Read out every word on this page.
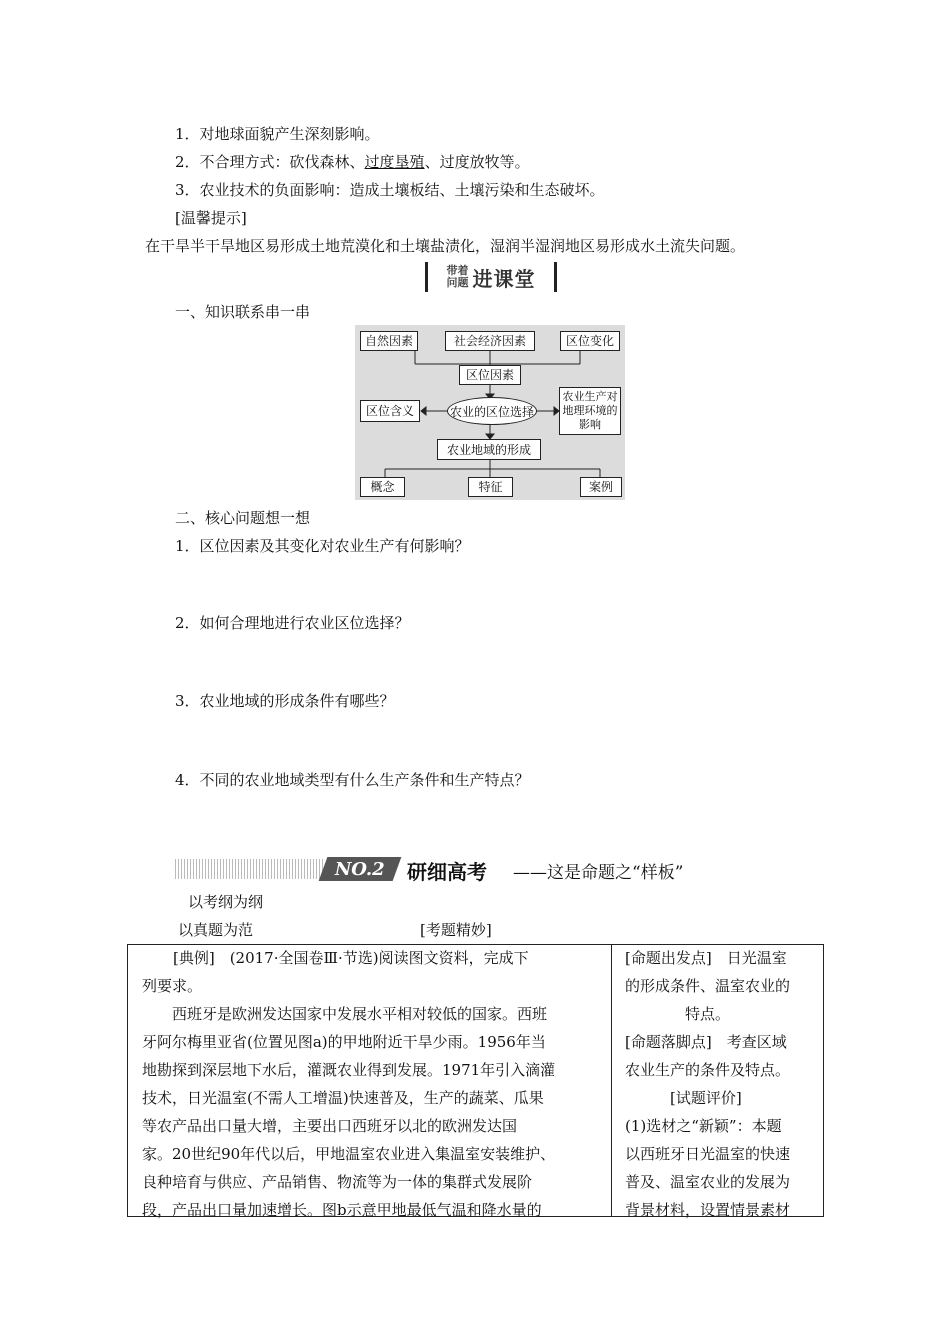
1．对地球面貌产生深刻影响。
2．不合理方式：砍伐森林、过度垦殖、过度放牧等。
3．农业技术的负面影响：造成土壤板结、土壤污染和生态破坏。
[温馨提示]
在干旱半干旱地区易形成土地荒漠化和土壤盐渍化，湿润半湿润地区易形成水土流失问题。
带着
问题 进课堂
一、知识联系串一串
自然因素	社会经济因素	区位变化
区位因素
区位含义	农业的区位选择
农业生产对地理环境的影响
农业地域的形成
概念	特征	案例
二、核心问题想一想
1．区位因素及其变化对农业生产有何影响？
2．如何合理地进行农业区位选择？
3．农业地域的形成条件有哪些？
4．不同的农业地域类型有什么生产条件和生产特点？
NO.2 研细高考 ——这是命题之“样板”
以考纲为纲
以真题为范	[考题精妙]
[典例]　(2017·全国卷Ⅲ·节选)阅读图文资料，完成下
列要求。
　　西班牙是欧洲发达国家中发展水平相对较低的国家。西班
牙阿尔梅里亚省(位置见图a)的甲地附近干旱少雨。1956年当
地勘探到深层地下水后，灌溉农业得到发展。1971年引入滴灌
技术，日光温室(不需人工增温)快速普及，生产的蔬菜、瓜果
等农产品出口量大增，主要出口西班牙以北的欧洲发达国
家。20世纪90年代以后，甲地温室农业进入集温室安装维护、
良种培育与供应、产品销售、物流等为一体的集群式发展阶
段，产品出口量加速增长。图b示意甲地最低气温和降水量的
[命题出发点]　日光温室
的形成条件、温室农业的
　　　　特点。
[命题落脚点]　考查区域
农业生产的条件及特点。
　　　[试题评价]
(1)选材之“新颖”：本题
以西班牙日光温室的快速
普及、温室农业的发展为
背景材料，设置情景素材
